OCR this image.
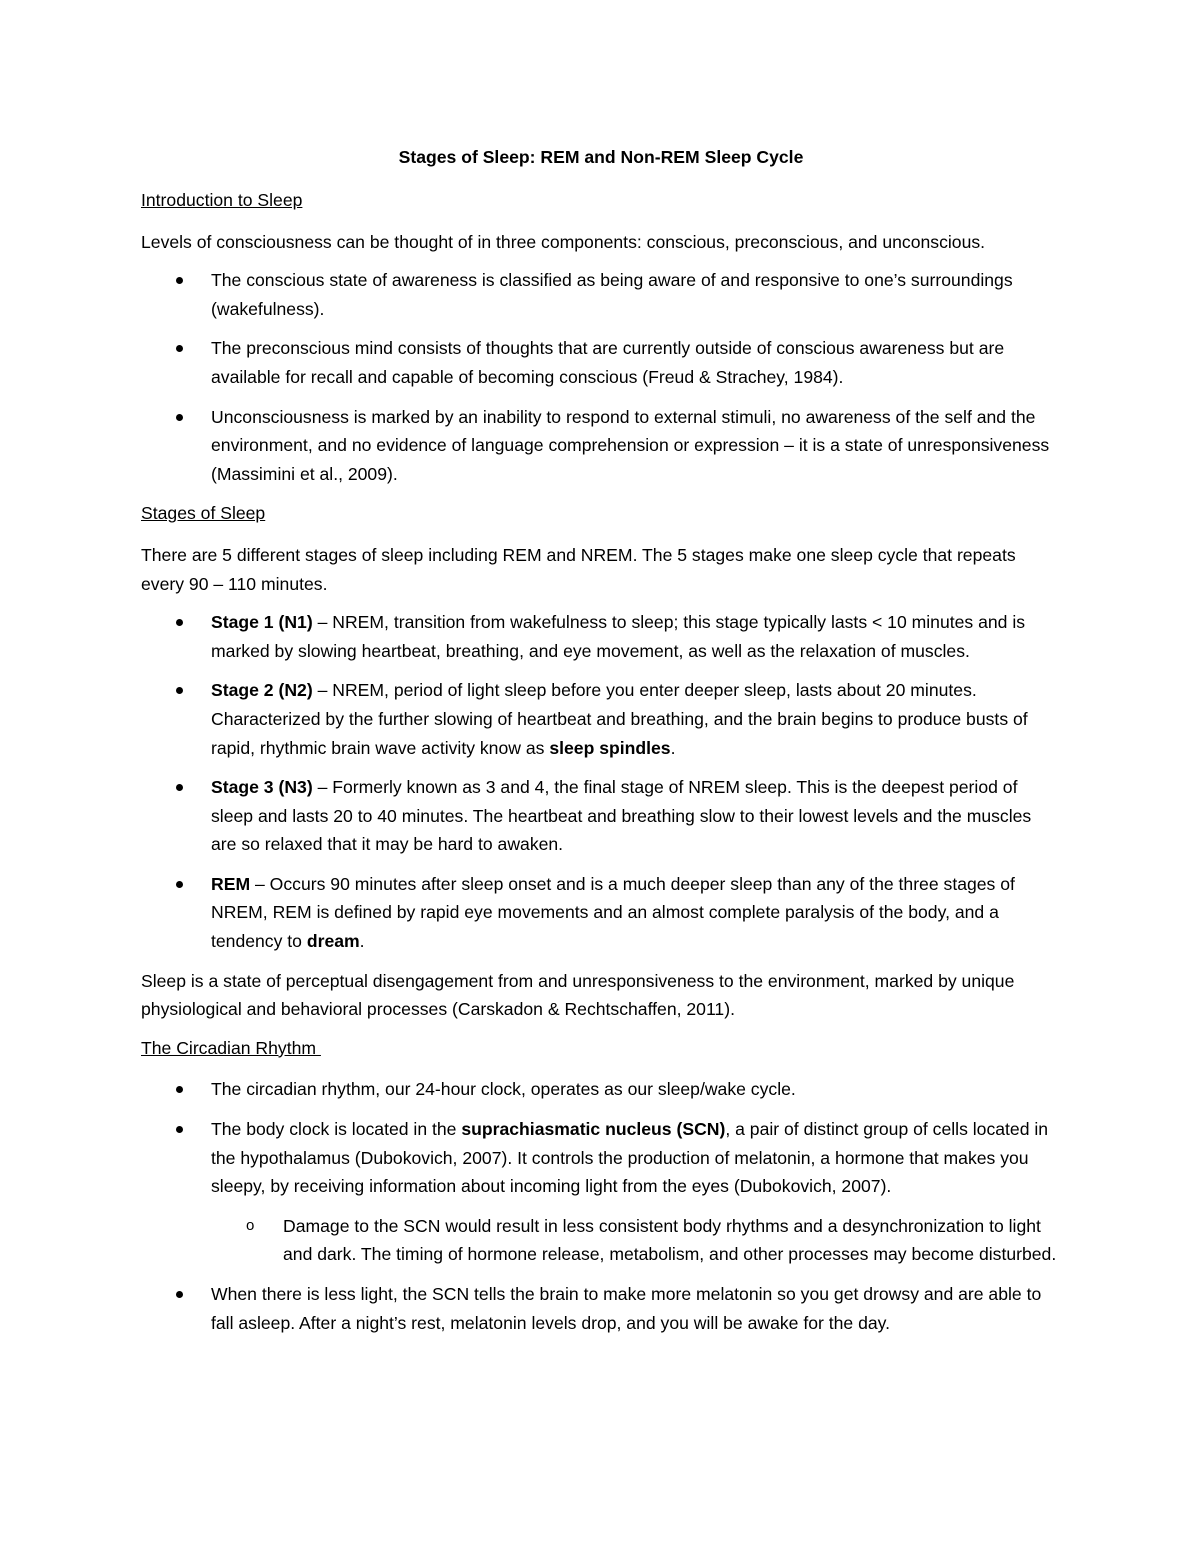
Stages of Sleep: REM and Non-REM Sleep Cycle
Introduction to Sleep
Levels of consciousness can be thought of in three components: conscious, preconscious, and unconscious.
The conscious state of awareness is classified as being aware of and responsive to one’s surroundings (wakefulness).
The preconscious mind consists of thoughts that are currently outside of conscious awareness but are available for recall and capable of becoming conscious (Freud & Strachey, 1984).
Unconsciousness is marked by an inability to respond to external stimuli, no awareness of the self and the environment, and no evidence of language comprehension or expression – it is a state of unresponsiveness (Massimini et al., 2009).
Stages of Sleep
There are 5 different stages of sleep including REM and NREM. The 5 stages make one sleep cycle that repeats every 90 – 110 minutes.
Stage 1 (N1) – NREM, transition from wakefulness to sleep; this stage typically lasts < 10 minutes and is marked by slowing heartbeat, breathing, and eye movement, as well as the relaxation of muscles.
Stage 2 (N2) – NREM, period of light sleep before you enter deeper sleep, lasts about 20 minutes. Characterized by the further slowing of heartbeat and breathing, and the brain begins to produce busts of rapid, rhythmic brain wave activity know as sleep spindles.
Stage 3 (N3) – Formerly known as 3 and 4, the final stage of NREM sleep. This is the deepest period of sleep and lasts 20 to 40 minutes. The heartbeat and breathing slow to their lowest levels and the muscles are so relaxed that it may be hard to awaken.
REM – Occurs 90 minutes after sleep onset and is a much deeper sleep than any of the three stages of NREM, REM is defined by rapid eye movements and an almost complete paralysis of the body, and a tendency to dream.
Sleep is a state of perceptual disengagement from and unresponsiveness to the environment, marked by unique physiological and behavioral processes (Carskadon & Rechtschaffen, 2011).
The Circadian Rhythm
The circadian rhythm, our 24-hour clock, operates as our sleep/wake cycle.
The body clock is located in the suprachiasmatic nucleus (SCN), a pair of distinct group of cells located in the hypothalamus (Dubokovich, 2007). It controls the production of melatonin, a hormone that makes you sleepy, by receiving information about incoming light from the eyes (Dubokovich, 2007).
o Damage to the SCN would result in less consistent body rhythms and a desynchronization to light and dark. The timing of hormone release, metabolism, and other processes may become disturbed.
When there is less light, the SCN tells the brain to make more melatonin so you get drowsy and are able to fall asleep. After a night’s rest, melatonin levels drop, and you will be awake for the day.
